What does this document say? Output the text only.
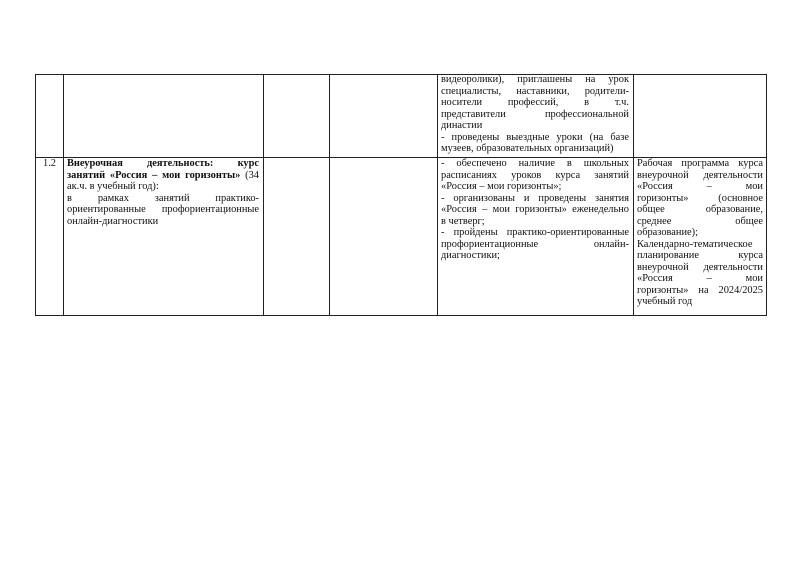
видеоролики), приглашены на урок
специалисты, наставники, родители-
носители профессий, в т.ч.
представители профессиональной
династии
- проведены выездные уроки (на базе
музеев, образовательных организаций)
1.2	Внеурочная деятельность: курс
занятий «Россия – мои горизонты» (34
ак.ч. в учебный год):
в рамках занятий практико-
ориентированные профориентационные
онлайн-диагностики
- обеспечено наличие в школьных
расписаниях уроков курса занятий
«Россия – мои горизонты»;
- организованы и проведены занятия
«Россия – мои горизонты» еженедельно
в четверг;
- пройдены практико-ориентированные
профориентационные онлайн-
диагностики;
Рабочая программа курса
внеурочной деятельности
«Россия – мои
горизонты» (основное
общее образование,
среднее общее
образование);
Календарно-тематическое
планирование курса
внеурочной деятельности
«Россия – мои
горизонты» на 2024/2025
учебный год
